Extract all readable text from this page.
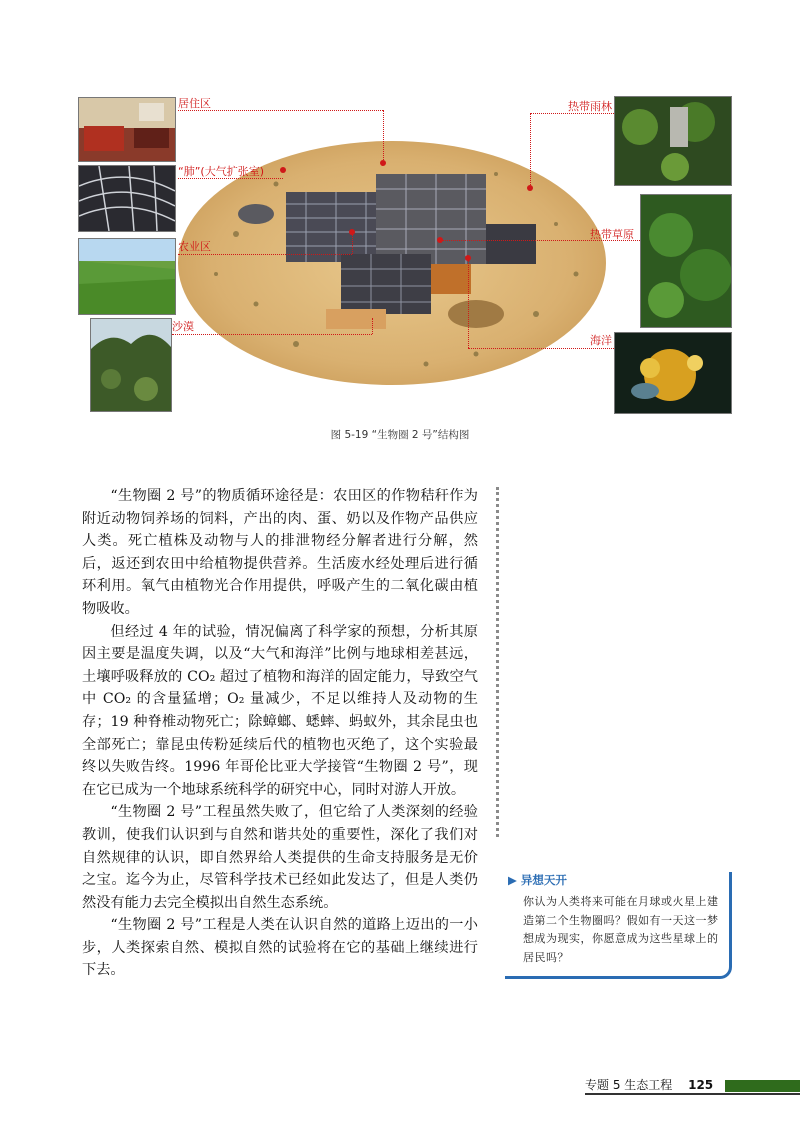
居住区
“肺”(大气扩张室)
农业区
沙漠
热带雨林
热带草原
海洋
图 5-19 “生物圈 2 号”结构图

“生物圈 2 号”的物质循环途径是：农田区的作物秸秆作为附近动物饲养场的饲料，产出的肉、蛋、奶以及作物产品供应人类。死亡植株及动物与人的排泄物经分解者进行分解，然后，返还到农田中给植物提供营养。生活废水经处理后进行循环利用。氧气由植物光合作用提供，呼吸产生的二氧化碳由植物吸收。

但经过 4 年的试验，情况偏离了科学家的预想，分析其原因主要是温度失调，以及“大气和海洋”比例与地球相差甚远，土壤呼吸释放的 CO₂ 超过了植物和海洋的固定能力，导致空气中 CO₂ 的含量猛增；O₂ 量减少，不足以维持人及动物的生存；19 种脊椎动物死亡；除蟑螂、蟋蟀、蚂蚁外，其余昆虫也全部死亡；靠昆虫传粉延续后代的植物也灭绝了，这个实验最终以失败告终。1996 年哥伦比亚大学接管“生物圈 2 号”，现在它已成为一个地球系统科学的研究中心，同时对游人开放。

“生物圈 2 号”工程虽然失败了，但它给了人类深刻的经验教训，使我们认识到与自然和谐共处的重要性，深化了我们对自然规律的认识，即自然界给人类提供的生命支持服务是无价之宝。迄今为止，尽管科学技术已经如此发达了，但是人类仍然没有能力去完全模拟出自然生态系统。

“生物圈 2 号”工程是人类在认识自然的道路上迈出的一小步，人类探索自然、模拟自然的试验将在它的基础上继续进行下去。

▶ 异想天开
你认为人类将来可能在月球或火星上建造第二个生物圈吗？假如有一天这一梦想成为现实，你愿意成为这些星球上的居民吗？
专题 5 生态工程 125
